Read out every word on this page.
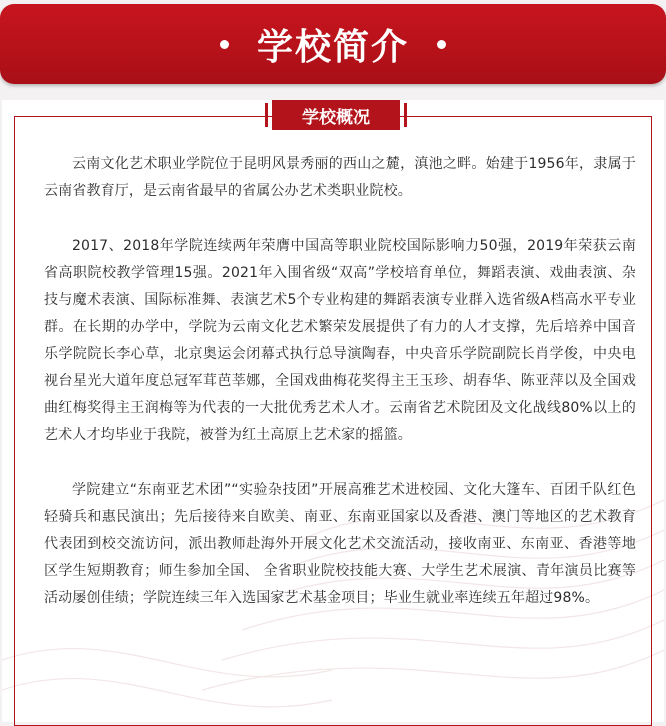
学校简介
学校概况

云南文化艺术职业学院位于昆明风景秀丽的西山之麓，滇池之畔。始建于1956年，隶属于云南省教育厅，是云南省最早的省属公办艺术类职业院校。

2017、2018年学院连续两年荣膺中国高等职业院校国际影响力50强，2019年荣获云南省高职院校教学管理15强。2021年入围省级“双高”学校培育单位，舞蹈表演、戏曲表演、杂技与魔术表演、国际标准舞、表演艺术5个专业构建的舞蹈表演专业群入选省级A档高水平专业群。在长期的办学中，学院为云南文化艺术繁荣发展提供了有力的人才支撑，先后培养中国音乐学院院长李心草，北京奥运会闭幕式执行总导演陶春，中央音乐学院副院长肖学俊，中央电视台星光大道年度总冠军茸芭莘娜，全国戏曲梅花奖得主王玉珍、胡春华、陈亚萍以及全国戏曲红梅奖得主王润梅等为代表的一大批优秀艺术人才。云南省艺术院团及文化战线80%以上的艺术人才均毕业于我院，被誉为红土高原上艺术家的摇篮。

学院建立“东南亚艺术团”“实验杂技团”开展高雅艺术进校园、文化大篷车、百团千队红色轻骑兵和惠民演出；先后接待来自欧美、南亚、东南亚国家以及香港、澳门等地区的艺术教育代表团到校交流访问，派出教师赴海外开展文化艺术交流活动，接收南亚、东南亚、香港等地区学生短期教育；师生参加全国、 全省职业院校技能大赛、大学生艺术展演、青年演员比赛等活动屡创佳绩；学院连续三年入选国家艺术基金项目；毕业生就业率连续五年超过98%。
